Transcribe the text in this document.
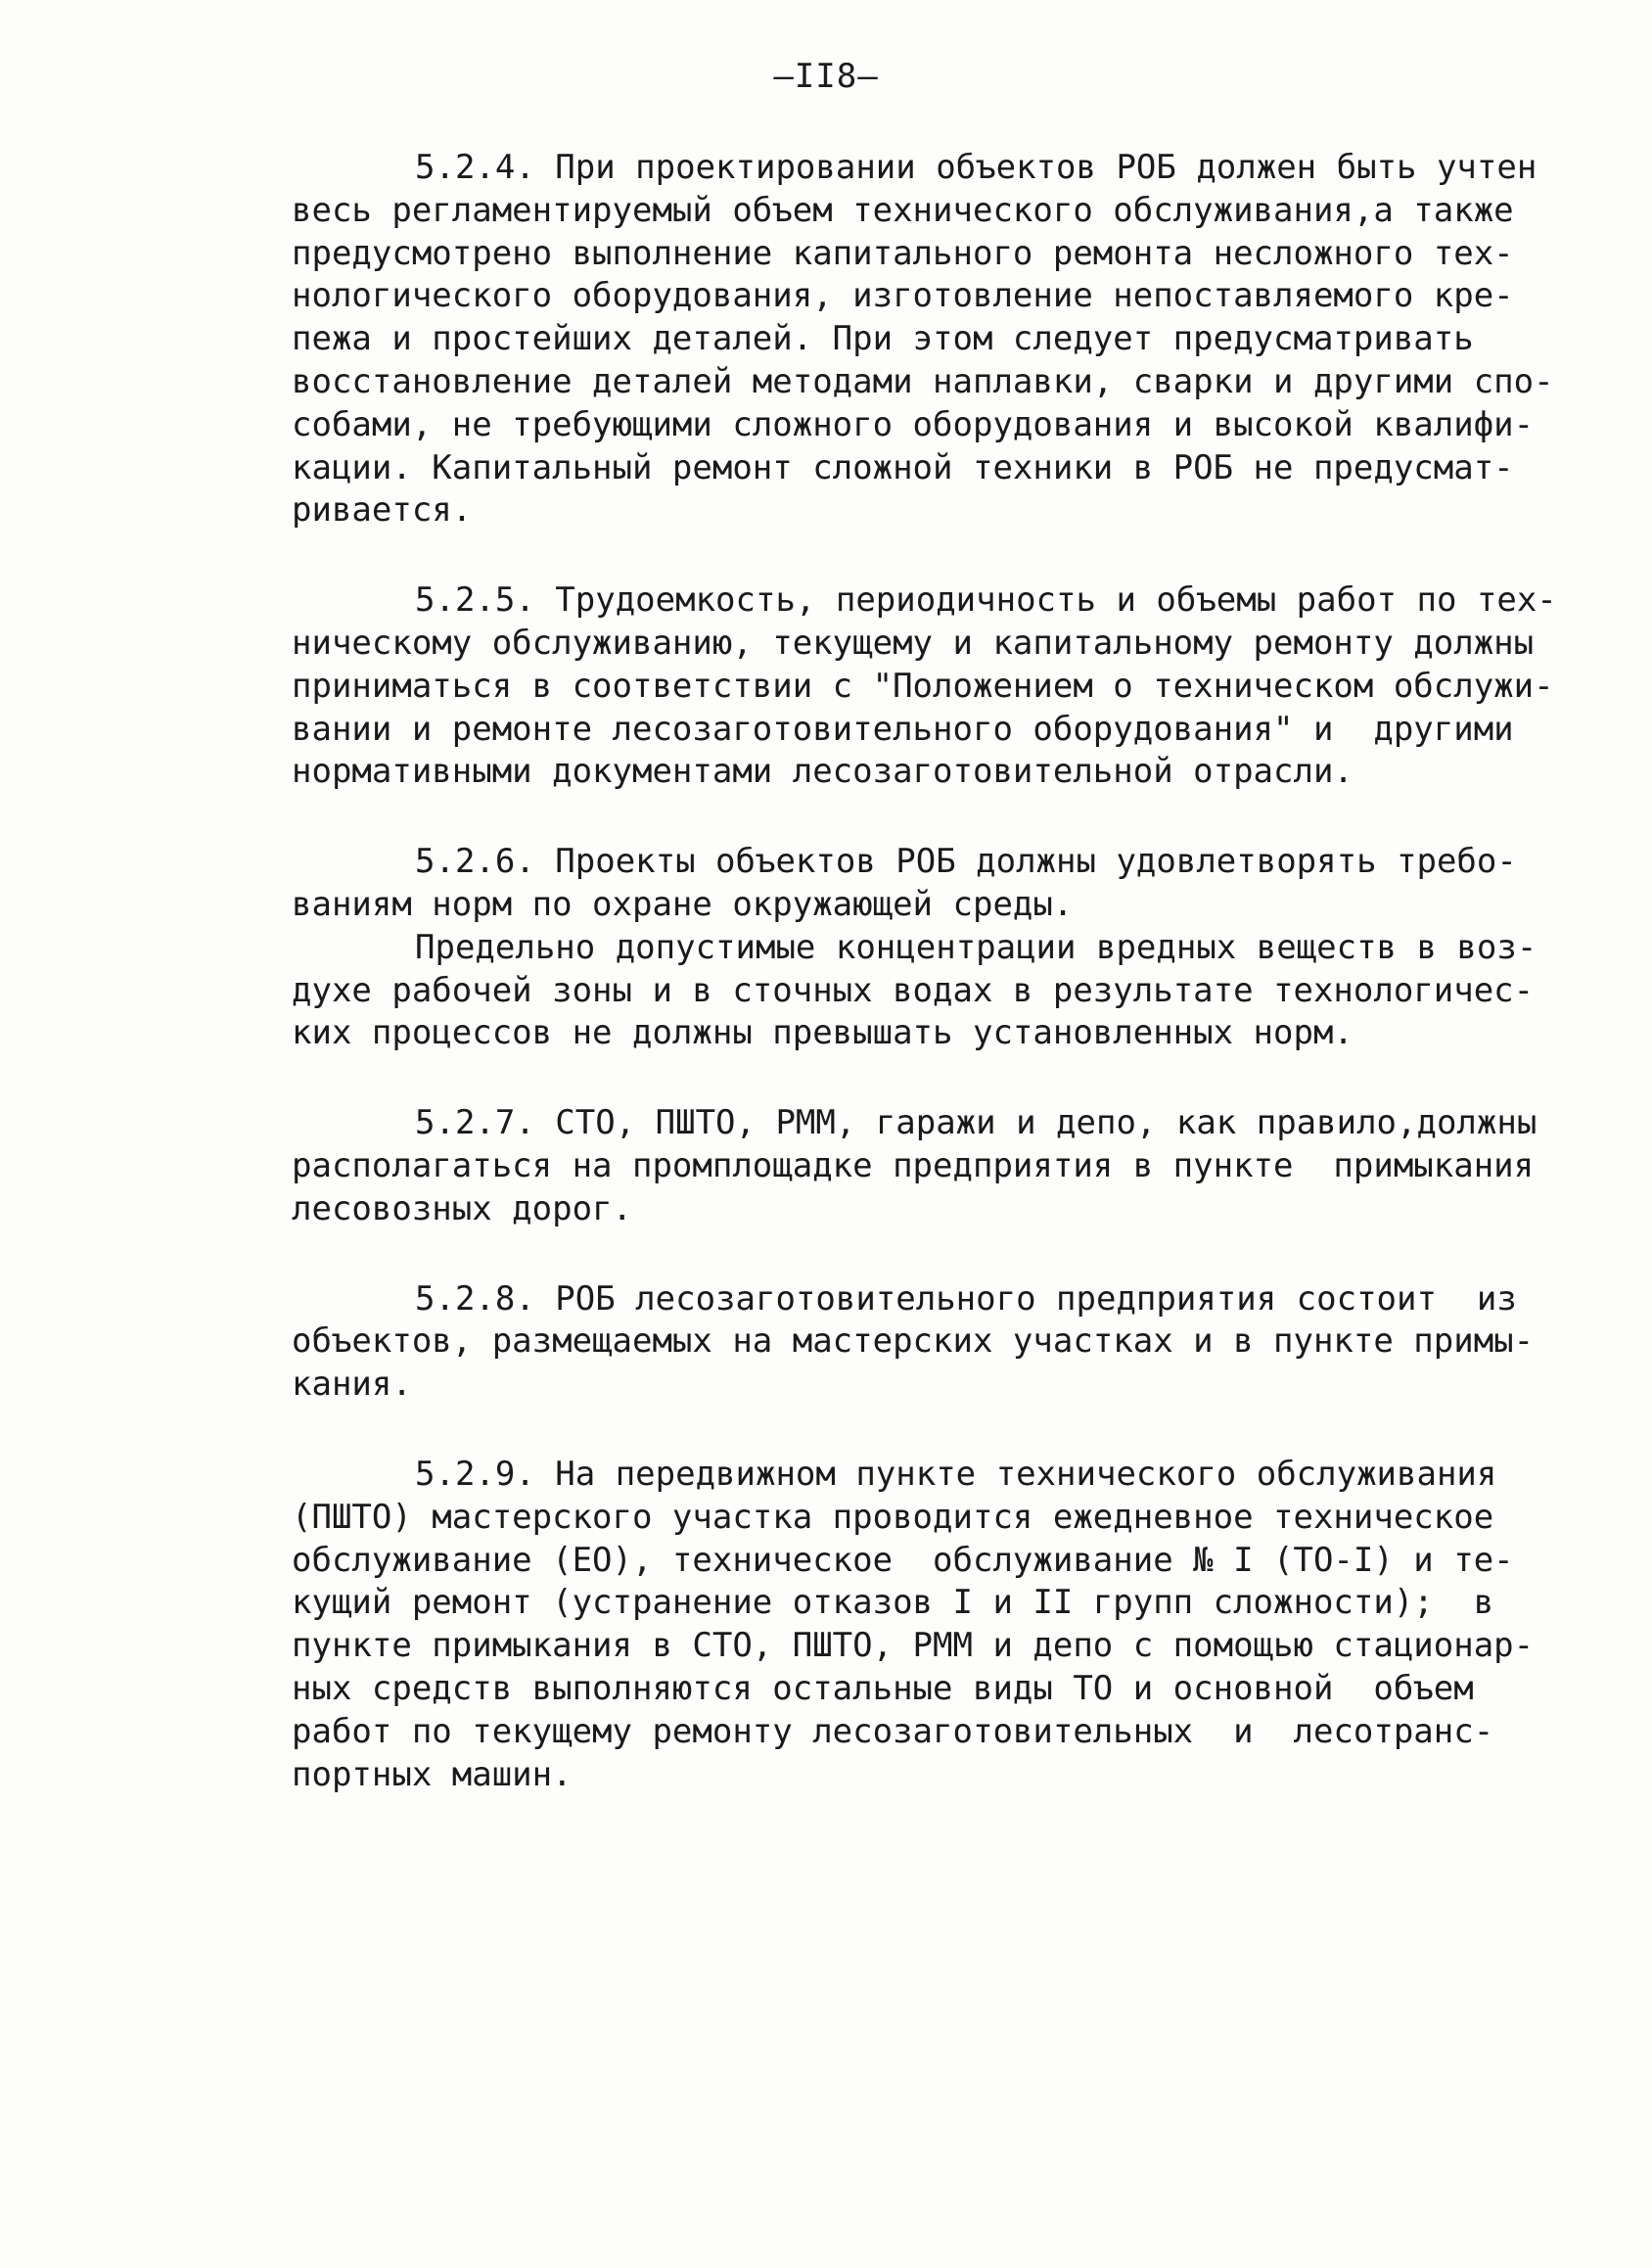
—II8—
5.2.4. При проектировании объектов РОБ должен быть учтен
весь регламентируемый объем технического обслуживания,а также
предусмотрено выполнение капитального ремонта несложного тех-
нологического оборудования, изготовление непоставляемого кре-
пежа и простейших деталей. При этом следует предусматривать
восстановление деталей методами наплавки, сварки и другими спо-
собами, не требующими сложного оборудования и высокой квалифи-
кации. Капитальный ремонт сложной техники в РОБ не предусмат-
ривается.
5.2.5. Трудоемкость, периодичность и объемы работ по тех-
ническому обслуживанию, текущему и капитальному ремонту должны
приниматься в соответствии с "Положением о техническом обслужи-
вании и ремонте лесозаготовительного оборудования" и  другими
нормативными документами лесозаготовительной отрасли.
5.2.6. Проекты объектов РОБ должны удовлетворять требо-
ваниям норм по охране окружающей среды.
Предельно допустимые концентрации вредных веществ в воз-
духе рабочей зоны и в сточных водах в результате технологичес-
ких процессов не должны превышать установленных норм.
5.2.7. СТО, ПШТО, РММ, гаражи и депо, как правило,должны
располагаться на промплощадке предприятия в пункте  примыкания
лесовозных дорог.
5.2.8. РОБ лесозаготовительного предприятия состоит  из
объектов, размещаемых на мастерских участках и в пункте примы-
кания.
5.2.9. На передвижном пункте технического обслуживания
(ПШТО) мастерского участка проводится ежедневное техническое
обслуживание (ЕО), техническое  обслуживание № I (ТО-I) и те-
кущий ремонт (устранение отказов I и II групп сложности);  в
пункте примыкания в СТО, ПШТО, РММ и депо с помощью стационар-
ных средств выполняются остальные виды ТО и основной  объем
работ по текущему ремонту лесозаготовительных  и  лесотранс-
портных машин.
